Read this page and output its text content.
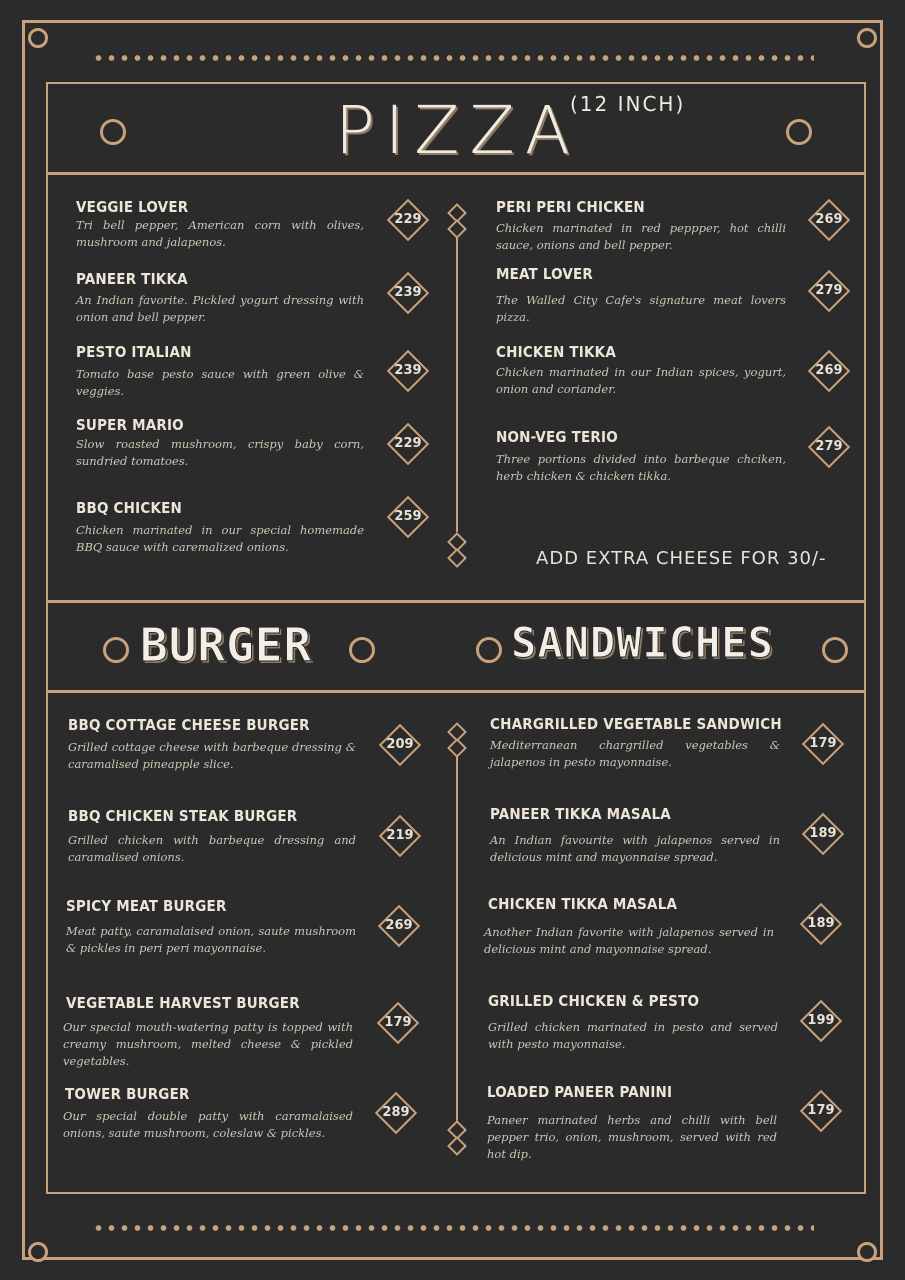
PIZZA
(12 INCH)
VEGGIE LOVER
Tri bell pepper, American corn with olives, mushroom and jalapenos.
229
PANEER TIKKA
An Indian favorite. Pickled yogurt dressing with onion and bell pepper.
239
PESTO ITALIAN
Tomato base pesto sauce with green olive & veggies.
239
SUPER MARIO
Slow roasted mushroom, crispy baby corn, sundried tomatoes.
229
BBQ CHICKEN
Chicken marinated in our special homemade BBQ sauce with caremalized onions.
259
PERI PERI CHICKEN
Chicken marinated in red peppper, hot chilli sauce, onions and bell pepper.
269
MEAT LOVER
The Walled City Cafe's signature meat lovers pizza.
279
CHICKEN TIKKA
Chicken marinated in our Indian spices, yogurt, onion and coriander.
269
NON-VEG TERIO
Three portions divided into barbeque chciken, herb chicken & chicken tikka.
279
ADD EXTRA CHEESE FOR 30/-
BURGER	SANDWICHES
BBQ COTTAGE CHEESE BURGER
Grilled cottage cheese with barbeque dressing & caramalised pineapple slice.
209
BBQ CHICKEN STEAK BURGER
Grilled chicken with barbeque dressing and caramalised onions.
219
SPICY MEAT BURGER
Meat patty, caramalaised onion, saute mushroom & pickles in peri peri mayonnaise.
269
VEGETABLE HARVEST BURGER
Our special mouth-watering patty is topped with creamy mushroom, melted cheese & pickled vegetables.
179
TOWER BURGER
Our special double patty with caramalaised onions, saute mushroom, coleslaw & pickles.
289
CHARGRILLED VEGETABLE SANDWICH
Mediterranean chargrilled vegetables & jalapenos in pesto mayonnaise.
179
PANEER TIKKA MASALA
An Indian favourite with jalapenos served in delicious mint and mayonnaise spread.
189
CHICKEN TIKKA MASALA
Another Indian favorite with jalapenos served in delicious mint and mayonnaise spread.
189
GRILLED CHICKEN & PESTO
Grilled chicken marinated in pesto and served with pesto mayonnaise.
199
LOADED PANEER PANINI
Paneer marinated herbs and chilli with bell pepper trio, onion, mushroom, served with red hot dip.
179
